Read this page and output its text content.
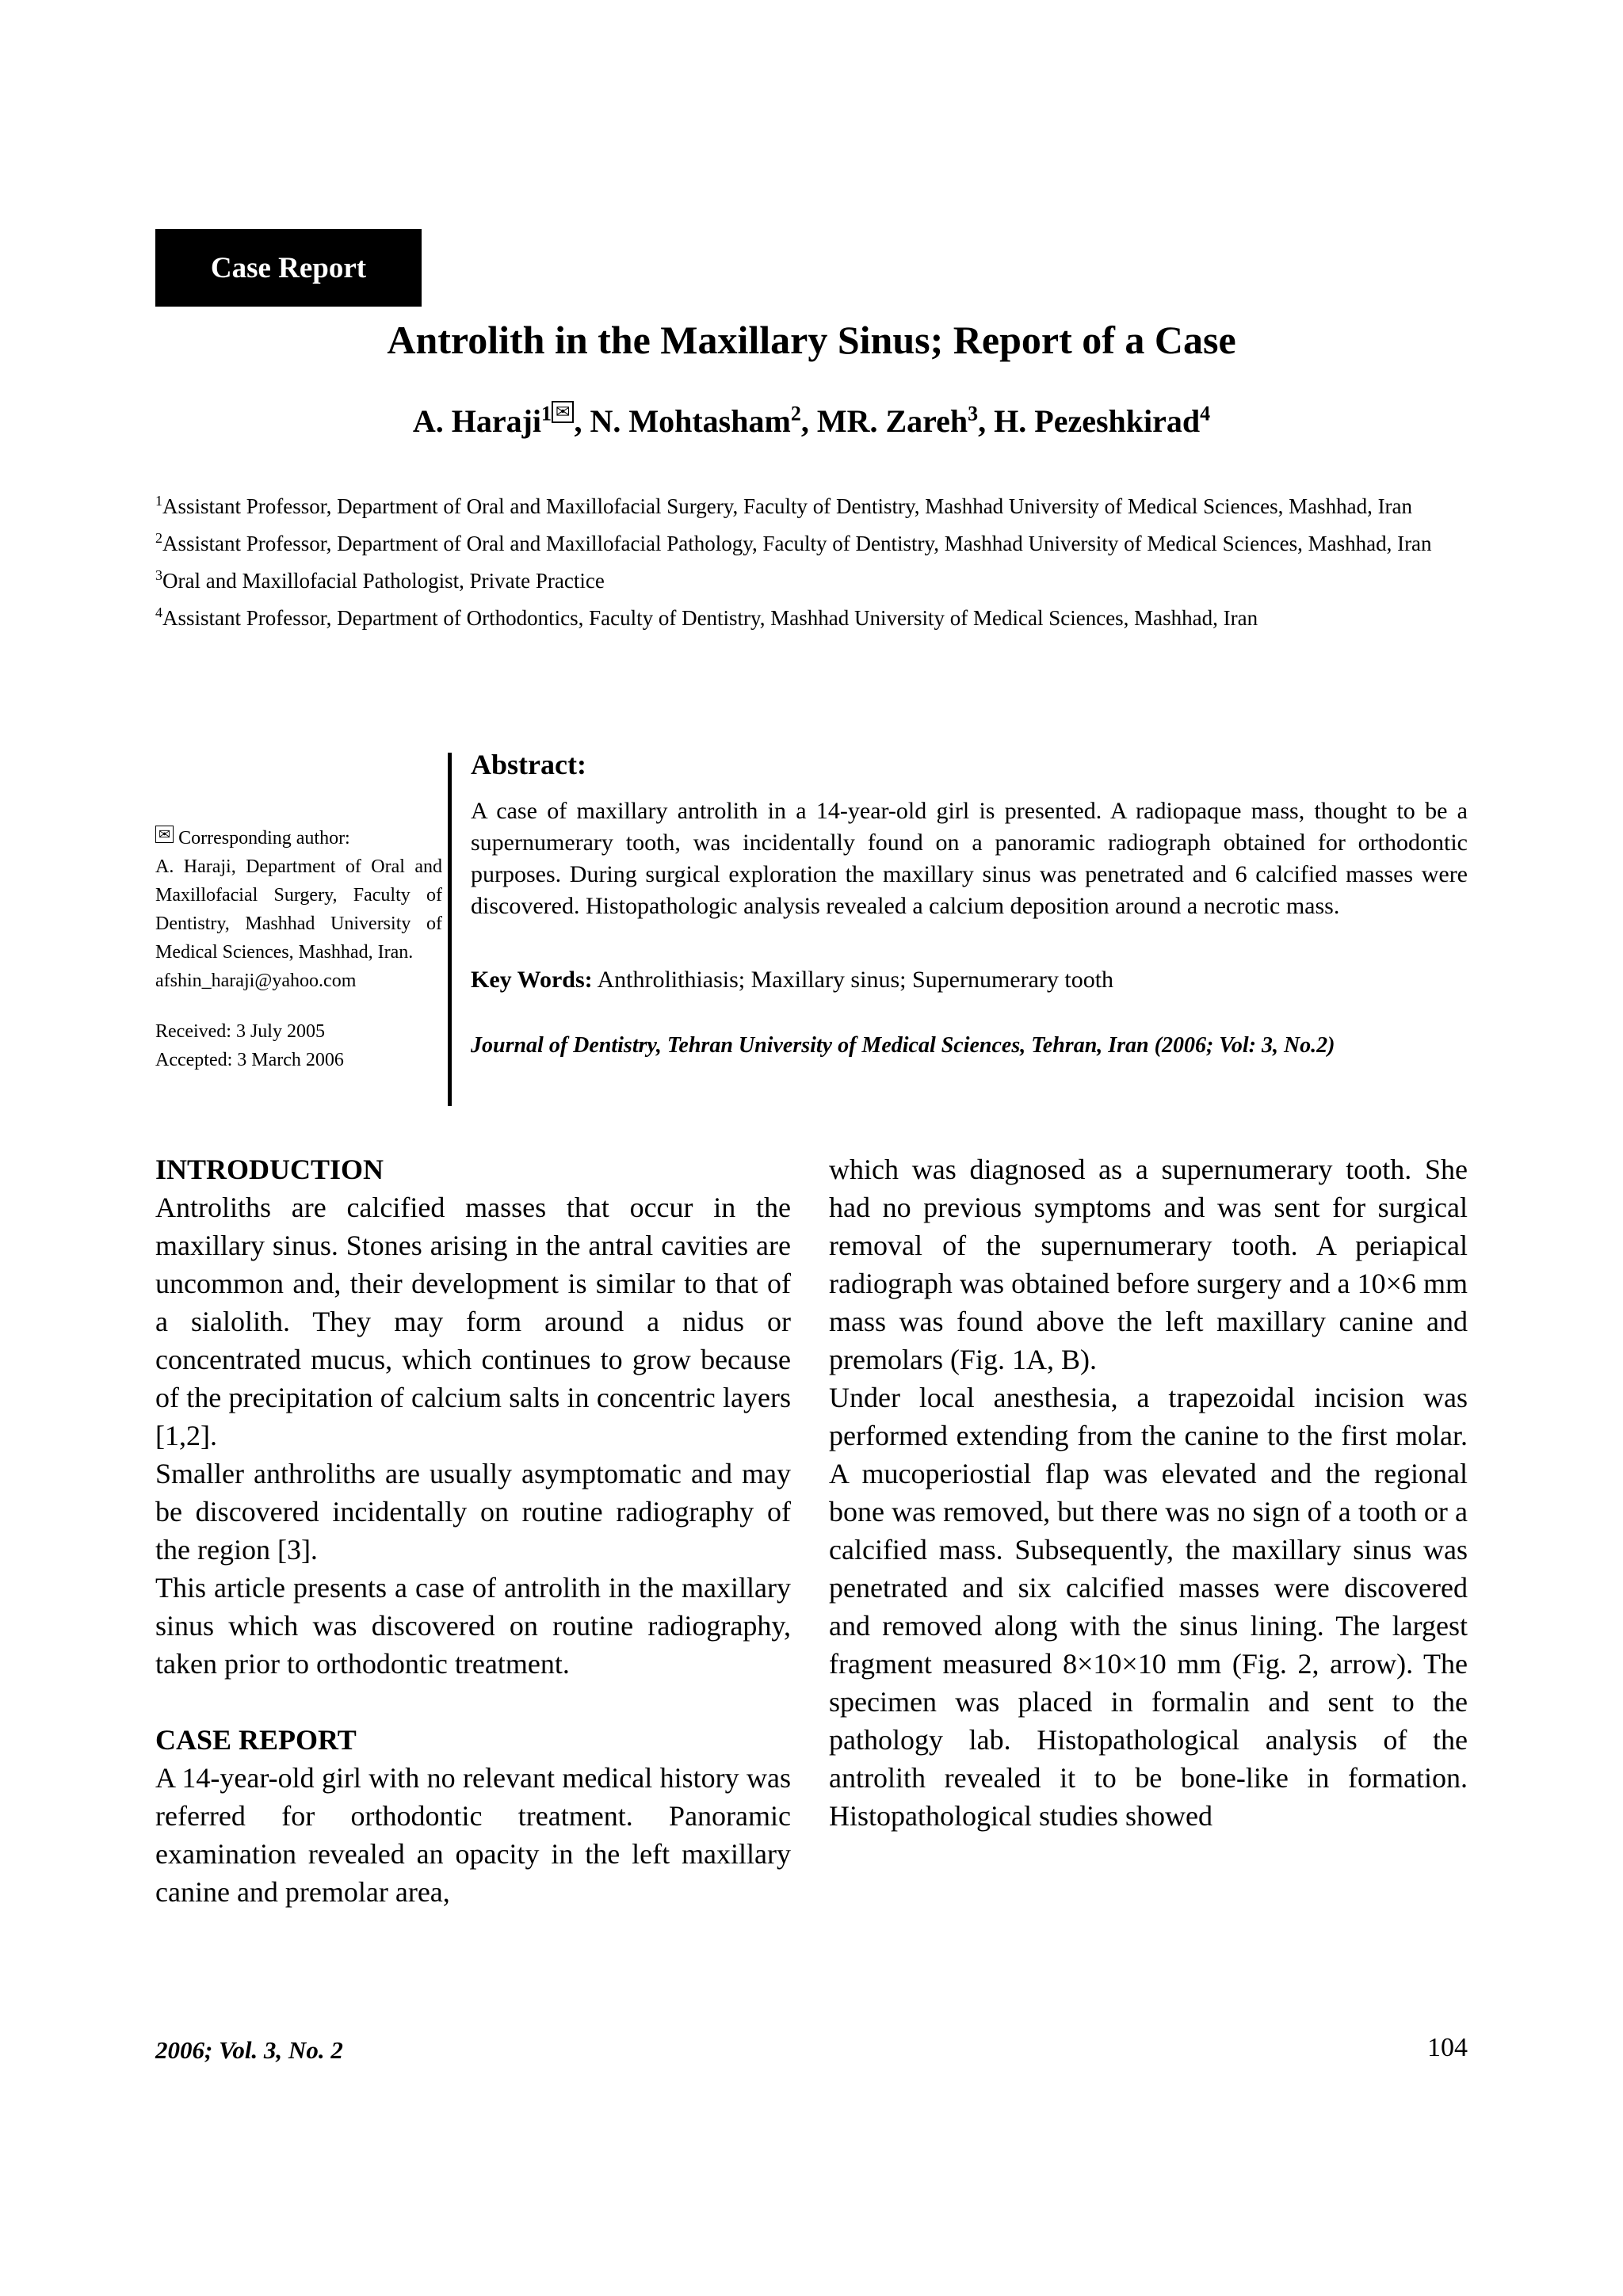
Case Report
Antrolith in the Maxillary Sinus; Report of a Case
A. Haraji$^1$ ✉ , N. Mohtasham$^2$, MR. Zareh$^3$, H. Pezeshkirad$^4$

$^1$Assistant Professor, Department of Oral and Maxillofacial Surgery, Faculty of Dentistry, Mashhad University of Medical Sciences, Mashhad, Iran

$^2$Assistant Professor, Department of Oral and Maxillofacial Pathology, Faculty of Dentistry, Mashhad University of Medical Sciences, Mashhad, Iran

$^3$Oral and Maxillofacial Pathologist, Private Practice

$^4$Assistant Professor, Department of Orthodontics, Faculty of Dentistry, Mashhad University of Medical Sciences, Mashhad, Iran

✉ Corresponding author:

A. Haraji, Department of Oral and Maxillofacial Surgery, Faculty of Dentistry, Mashhad University of Medical Sciences, Mashhad, Iran.

afshin_haraji@yahoo.com

Received: 3 July 2005

Accepted: 3 March 2006

Abstract:

A case of maxillary antrolith in a 14-year-old girl is presented. A radiopaque mass, thought to be a supernumerary tooth, was incidentally found on a panoramic radiograph obtained for orthodontic purposes. During surgical exploration the maxillary sinus was penetrated and 6 calcified masses were discovered. Histopathologic analysis revealed a calcium deposition around a necrotic mass.

Key Words: Anthrolithiasis; Maxillary sinus; Supernumerary tooth

Journal of Dentistry, Tehran University of Medical Sciences, Tehran, Iran (2006; Vol: 3, No.2)

INTRODUCTION

Antroliths are calcified masses that occur in the maxillary sinus. Stones arising in the antral cavities are uncommon and, their development is similar to that of a sialolith. They may form around a nidus or concentrated mucus, which continues to grow because of the precipitation of calcium salts in concentric layers [1,2].

Smaller anthroliths are usually asymptomatic and may be discovered incidentally on routine radiography of the region [3].

This article presents a case of antrolith in the maxillary sinus which was discovered on routine radiography, taken prior to orthodontic treatment.

CASE REPORT

A 14-year-old girl with no relevant medical history was referred for orthodontic treatment. Panoramic examination revealed an opacity in the left maxillary canine and premolar area,

which was diagnosed as a supernumerary tooth. She had no previous symptoms and was sent for surgical removal of the supernumerary tooth. A periapical radiograph was obtained before surgery and a 10×6 mm mass was found above the left maxillary canine and premolars (Fig. 1A, B).

Under local anesthesia, a trapezoidal incision was performed extending from the canine to the first molar. A mucoperiostial flap was elevated and the regional bone was removed, but there was no sign of a tooth or a calcified mass. Subsequently, the maxillary sinus was penetrated and six calcified masses were discovered and removed along with the sinus lining. The largest fragment measured 8×10×10 mm (Fig. 2, arrow). The specimen was placed in formalin and sent to the pathology lab. Histopathological analysis of the antrolith revealed it to be bone-like in formation. Histopathological studies showed

2006; Vol. 3, No. 2	104
